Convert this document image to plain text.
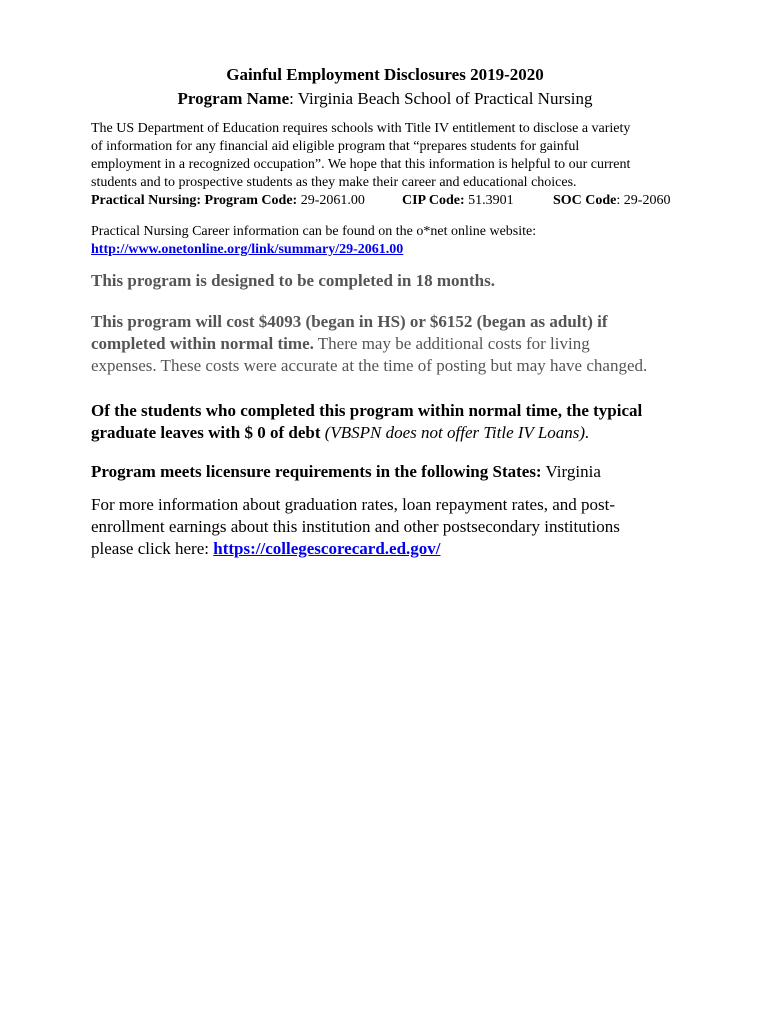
Gainful Employment Disclosures 2019-2020
Program Name: Virginia Beach School of Practical Nursing
The US Department of Education requires schools with Title IV entitlement to disclose a variety
of information for any financial aid eligible program that “prepares students for gainful
employment in a recognized occupation”. We hope that this information is helpful to our current
students and to prospective students as they make their career and educational choices.
Practical Nursing: Program Code: 29-2061.00	CIP Code: 51.3901	SOC Code: 29-2060
Practical Nursing Career information can be found on the o*net online website:
http://www.onetonline.org/link/summary/29-2061.00
This program is designed to be completed in 18 months.
This program will cost $4093 (began in HS) or $6152 (began as adult) if
completed within normal time. There may be additional costs for living
expenses. These costs were accurate at the time of posting but may have changed.
Of the students who completed this program within normal time, the typical
graduate leaves with $ 0 of debt (VBSPN does not offer Title IV Loans).
Program meets licensure requirements in the following States: Virginia
For more information about graduation rates, loan repayment rates, and post-
enrollment earnings about this institution and other postsecondary institutions
please click here: https://collegescorecard.ed.gov/
